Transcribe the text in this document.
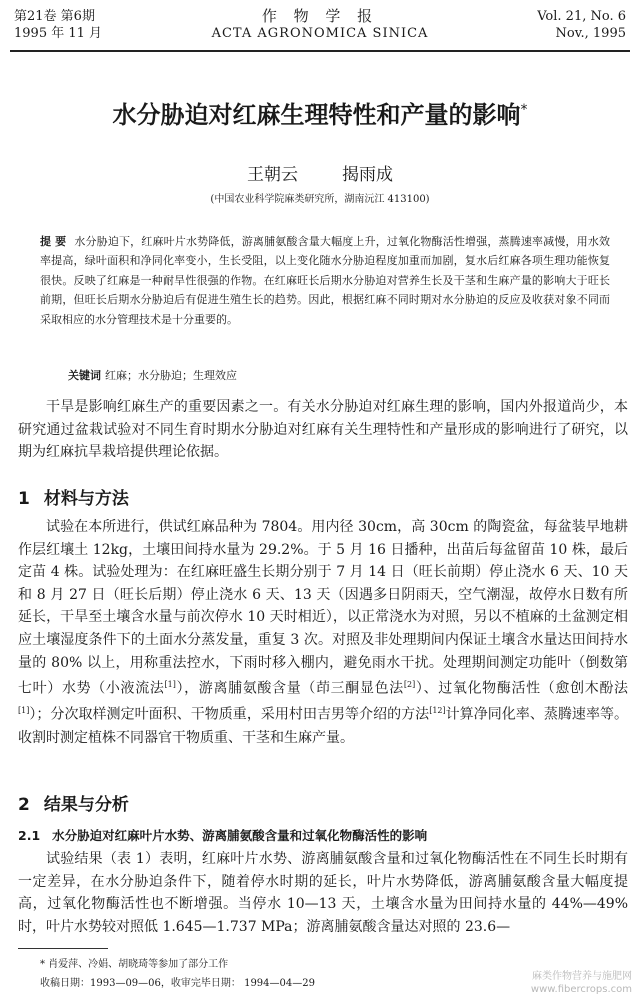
第21卷 第6期
1995 年 11 月
作 物 学 报
ACTA AGRONOMICA SINICA
Vol. 21, No. 6
Nov., 1995
水分胁迫对红麻生理特性和产量的影响*
王朝云	揭雨成
(中国农业科学院麻类研究所，湖南沅江 413100)
提 要 水分胁迫下，红麻叶片水势降低，游离脯氨酸含量大幅度上升，过氧化物酶活性增强，蒸腾速率减慢，用水效率提高，绿叶面积和净同化率变小，生长受阻，以上变化随水分胁迫程度加重而加剧，复水后红麻各项生理功能恢复很快。反映了红麻是一种耐旱性很强的作物。在红麻旺长后期水分胁迫对营养生长及干茎和生麻产量的影响大于旺长前期，但旺长后期水分胁迫后有促进生殖生长的趋势。因此，根据红麻不同时期对水分胁迫的反应及收获对象不同而采取相应的水分管理技术是十分重要的。
关键词 红麻；水分胁迫；生理效应
干旱是影响红麻生产的重要因素之一。有关水分胁迫对红麻生理的影响，国内外报道尚少，本研究通过盆栽试验对不同生育时期水分胁迫对红麻有关生理特性和产量形成的影响进行了研究，以期为红麻抗旱栽培提供理论依据。
1 材料与方法
试验在本所进行，供试红麻品种为 7804。用内径 30cm，高 30cm 的陶瓷盆，每盆装早地耕作层红壤土 12kg，土壤田间持水量为 29.2%。于 5 月 16 日播种，出苗后每盆留苗 10 株，最后定苗 4 株。试验处理为：在红麻旺盛生长期分别于 7 月 14 日（旺长前期）停止浇水 6 天、10 天和 8 月 27 日（旺长后期）停止浇水 6 天、13 天（因遇多日阴雨天，空气潮湿，故停水日数有所延长，干旱至土壤含水量与前次停水 10 天时相近），以正常浇水为对照，另以不植麻的土盆测定相应土壤湿度条件下的土面水分蒸发量，重复 3 次。对照及非处理期间内保证土壤含水量达田间持水量的 80% 以上，用称重法控水，下雨时移入棚内，避免雨水干扰。处理期间测定功能叶（倒数第七叶）水势（小液流法[1]），游离脯氨酸含量（茚三酮显色法[2]）、过氧化物酶活性（愈创木酚法[1]）；分次取样测定叶面积、干物质重，采用村田吉男等介绍的方法[12]计算净同化率、蒸腾速率等。收割时测定植株不同器官干物质重、干茎和生麻产量。
2 结果与分析
2.1 水分胁迫对红麻叶片水势、游离脯氨酸含量和过氧化物酶活性的影响
试验结果（表 1）表明，红麻叶片水势、游离脯氨酸含量和过氧化物酶活性在不同生长时期有一定差异，在水分胁迫条件下，随着停水时期的延长，叶片水势降低，游离脯氨酸含量大幅度提高，过氧化物酶活性也不断增强。当停水 10—13 天，土壤含水量为田间持水量的 44%—49%时，叶片水势较对照低 1.645—1.737 MPa；游离脯氨酸含量达对照的 23.6—
* 肖爱萍、冷娟、胡晓琦等参加了部分工作
收稿日期：1993—09—06，收审完毕日期： 1994—04—29
麻类作物营养与施肥网
www.fibercrops.com
